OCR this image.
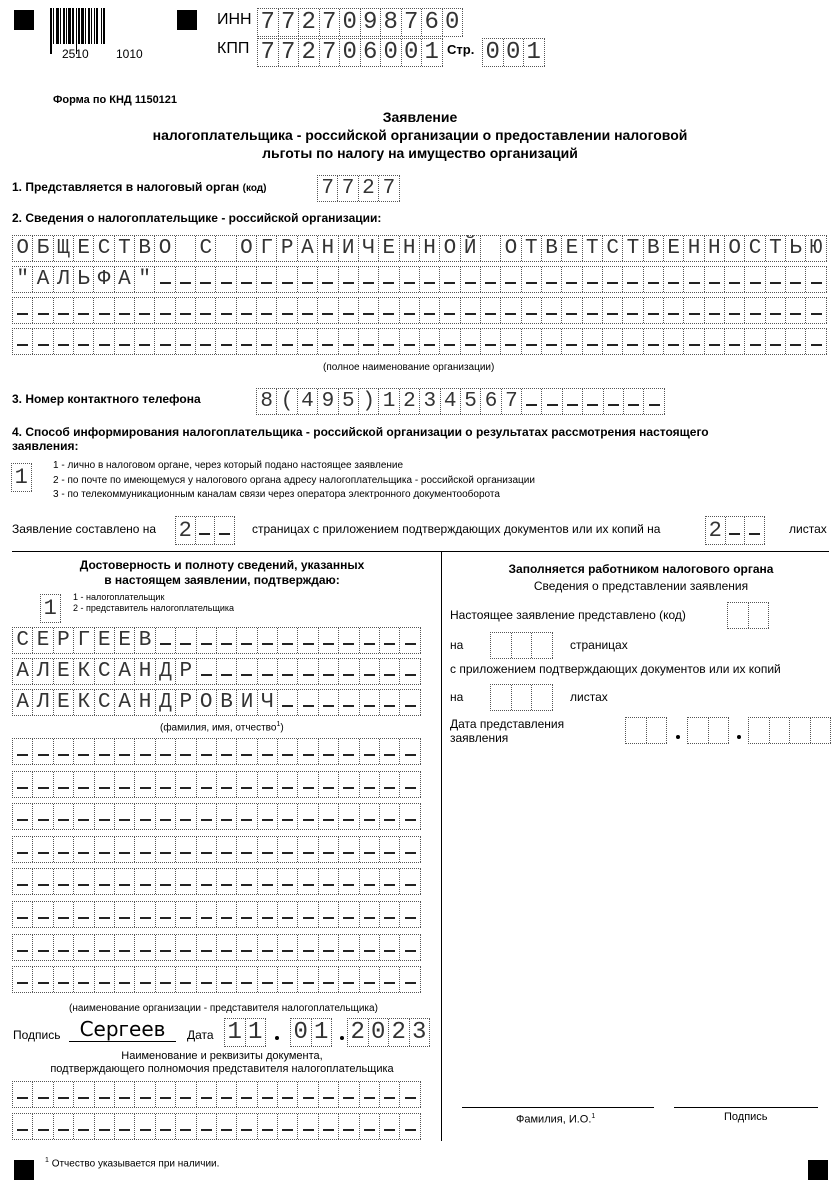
2510 1010
ИНН 7 7 2 7 0 9 8 7 6 0
КПП 7 7 2 7 0 6 0 0 1 Стр. 0 0 1
Форма по КНД 1150121
Заявление
налогоплательщика - российской организации о предоставлении налоговой
льготы по налогу на имущество организаций
1. Представляется в налоговый орган (код)	7 7 2 7
2. Сведения о налогоплательщике - российской организации:
О Б Щ Е С Т В О С О Г Р А Н И Ч Е Н Н О Й О Т В Е Т С Т В Е Н Н О С Т Ь Ю
" А Л Ь Ф А "
(полное наименование организации)
3. Номер контактного телефона	8 ( 4 9 5 ) 1 2 3 4 5 6 7
4. Способ информирования налогоплательщика - российской организации о результатах рассмотрения настоящего
заявления:
1	1 - лично в налоговом органе, через который подано настоящее заявление
2 - по почте по имеющемуся у налогового органа адресу налогоплательщика - российской организации
3 - по телекоммуникационным каналам связи через оператора электронного документооборота
Заявление составлено на 2	страницах с приложением подтверждающих документов или их копий на 2	листах
Достоверность и полноту сведений, указанных
в настоящем заявлении, подтверждаю:
1	1 - налогоплательщик
2 - представитель налогоплательщика
С Е Р Г Е Е В
А Л Е К С А Н Д Р
А Л Е К С А Н Д Р О В И Ч
(фамилия, имя, отчество$^1$)
(наименование организации - представителя налогоплательщика)
Подпись Сергеев	Дата 1 1 0 1 2 0 2 3
Наименование и реквизиты документа,
подтверждающего полномочия представителя налогоплательщика
Заполняется работником налогового органа
Сведения о представлении заявления
Настоящее заявление представлено (код)
на	страницах
с приложением подтверждающих документов или их копий
на	листах
Дата представления
заявления
Фамилия, И.О.$^1$	Подпись
$^1$ Отчество указывается при наличии.
